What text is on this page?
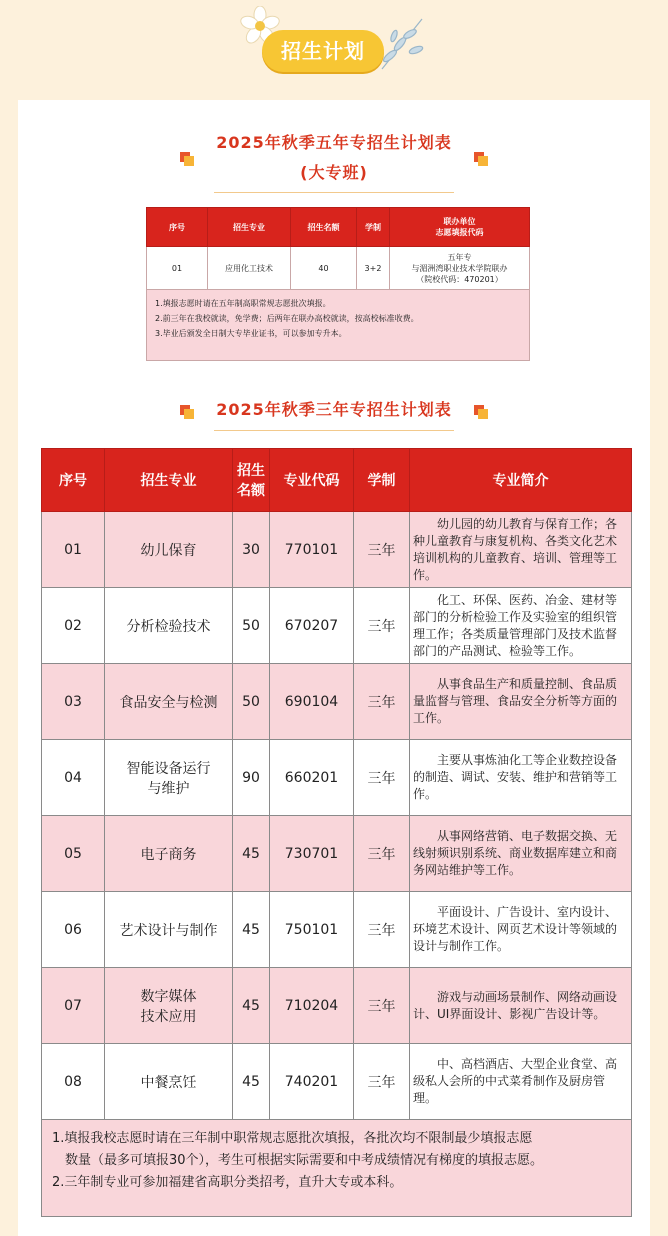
招生计划
2025年秋季五年专招生计划表
(大专班)
序号	招生专业	招生名额	学制	联办单位
志愿填报代码

01	应用化工技术	40	3+2	五年专
与湄洲湾职业技术学院联办
（院校代码：470201）

1.填报志愿时请在五年制高职常规志愿批次填报。
2.前三年在我校就读，免学费；后两年在联办高校就读，按高校标准收费。
3.毕业后颁发全日制大专毕业证书，可以参加专升本。				
2025年秋季三年专招生计划表
序号	招生专业	招生
名额	专业代码	学制	专业简介
01	幼儿保育	30	770101	三年	　　幼儿园的幼儿教育与保育工作；各种儿童教育与康复机构、各类文化艺术培训机构的儿童教育、培训、管理等工作。
02	分析检验技术	50	670207	三年	　　化工、环保、医药、冶金、建材等部门的分析检验工作及实验室的组织管理工作；各类质量管理部门及技术监督部门的产品测试、检验等工作。
03	食品安全与检测	50	690104	三年	　　从事食品生产和质量控制、食品质量监督与管理、食品安全分析等方面的工作。
04	智能设备运行
与维护	90	660201	三年	　　主要从事炼油化工等企业数控设备的制造、调试、安装、维护和营销等工作。
05	电子商务	45	730701	三年	　　从事网络营销、电子数据交换、无线射频识别系统、商业数据库建立和商务网站维护等工作。
06	艺术设计与制作	45	750101	三年	　　平面设计、广告设计、室内设计、环境艺术设计、网页艺术设计等领域的设计与制作工作。
07	数字媒体
技术应用	45	710204	三年	　　游戏与动画场景制作、网络动画设计、UI界面设计、影视广告设计等。
08	中餐烹饪	45	740201	三年	　　中、高档酒店、大型企业食堂、高级私人会所的中式菜肴制作及厨房管理。

1.填报我校志愿时请在三年制中职常规志愿批次填报，各批次均不限制最少填报志愿
　数量（最多可填报30个），考生可根据实际需要和中考成绩情况有梯度的填报志愿。
2.三年制专业可参加福建省高职分类招考，直升大专或本科。					
